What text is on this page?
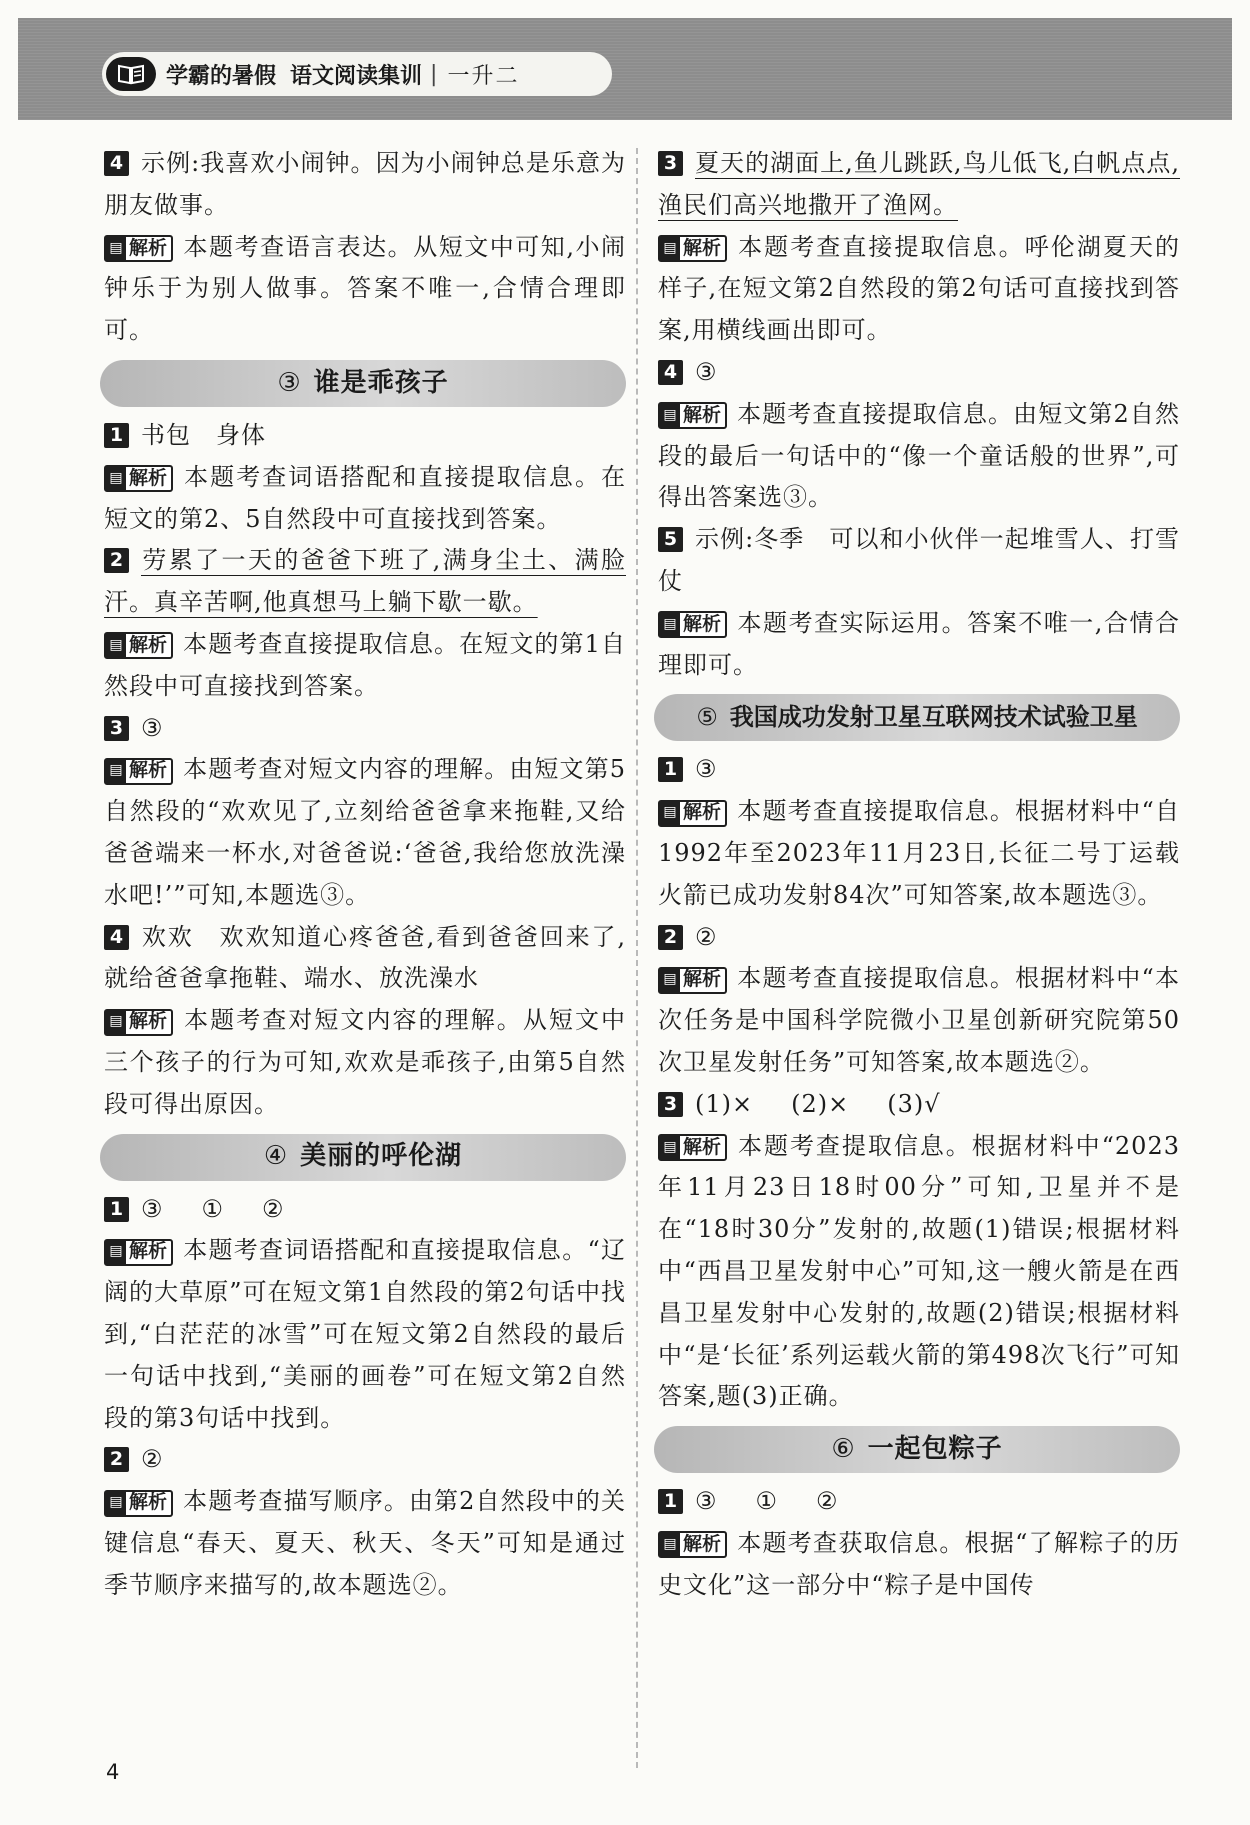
学霸的暑假 语文阅读集训 | 一升二

4 示例:我喜欢小闹钟。因为小闹钟总是乐意为朋友做事。

▤ 解析 本题考查语言表达。从短文中可知,小闹钟乐于为别人做事。答案不唯一,合情合理即可。

③ 谁是乖孩子

1 书包　身体

▤ 解析 本题考查词语搭配和直接提取信息。在短文的第2、5自然段中可直接找到答案。

2 劳累了一天的爸爸下班了,满身尘土、满脸汗。真辛苦啊,他真想马上躺下歇一歇。

▤ 解析 本题考查直接提取信息。在短文的第1自然段中可直接找到答案。

3 ③

▤ 解析 本题考查对短文内容的理解。由短文第5自然段的“欢欢见了,立刻给爸爸拿来拖鞋,又给爸爸端来一杯水,对爸爸说:‘爸爸,我给您放洗澡水吧!’”可知,本题选③。

4 欢欢　欢欢知道心疼爸爸,看到爸爸回来了,就给爸爸拿拖鞋、端水、放洗澡水

▤ 解析 本题考查对短文内容的理解。从短文中三个孩子的行为可知,欢欢是乖孩子,由第5自然段可得出原因。

④ 美丽的呼伦湖

1 ③ ① ②

▤ 解析 本题考查词语搭配和直接提取信息。“辽阔的大草原”可在短文第1自然段的第2句话中找到,“白茫茫的冰雪”可在短文第2自然段的最后一句话中找到,“美丽的画卷”可在短文第2自然段的第3句话中找到。

2 ②

▤ 解析 本题考查描写顺序。由第2自然段中的关键信息“春天、夏天、秋天、冬天”可知是通过季节顺序来描写的,故本题选②。

3 夏天的湖面上,鱼儿跳跃,鸟儿低飞,白帆点点,渔民们高兴地撒开了渔网。

▤ 解析 本题考查直接提取信息。呼伦湖夏天的样子,在短文第2自然段的第2句话可直接找到答案,用横线画出即可。

4 ③

▤ 解析 本题考查直接提取信息。由短文第2自然段的最后一句话中的“像一个童话般的世界”,可得出答案选③。

5 示例:冬季　可以和小伙伴一起堆雪人、打雪仗

▤ 解析 本题考查实际运用。答案不唯一,合情合理即可。

⑤ 我国成功发射卫星互联网技术试验卫星

1 ③

▤ 解析 本题考查直接提取信息。根据材料中“自1992年至2023年11月23日,长征二号丁运载火箭已成功发射84次”可知答案,故本题选③。

2 ②

▤ 解析 本题考查直接提取信息。根据材料中“本次任务是中国科学院微小卫星创新研究院第50次卫星发射任务”可知答案,故本题选②。

3 (1)× (2)× (3)√

▤ 解析 本题考查提取信息。根据材料中“2023年11月23日18时00分”可知,卫星并不是在“18时30分”发射的,故题(1)错误;根据材料中“西昌卫星发射中心”可知,这一艘火箭是在西昌卫星发射中心发射的,故题(2)错误;根据材料中“是‘长征’系列运载火箭的第498次飞行”可知答案,题(3)正确。

⑥ 一起包粽子

1 ③ ① ②

▤ 解析 本题考查获取信息。根据“了解粽子的历史文化”这一部分中“粽子是中国传

4
